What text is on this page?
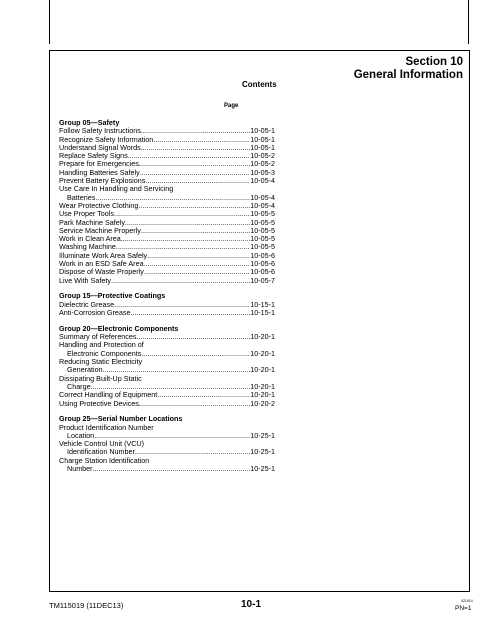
Section 10
General Information
Contents
Page
Group 05—Safety
Follow Safety Instructions .....	10-05-1
Recognize Safety Information .....	10-05-1
Understand Signal Words .....	10-05-1
Replace Safety Signs .....	10-05-2
Prepare for Emergencies .....	10-05-2
Handling Batteries Safely .....	10-05-3
Prevent Battery Explosions .....	10-05-4
Use Care In Handling and Servicing
Batteries .....	10-05-4
Wear Protective Clothing .....	10-05-4
Use Proper Tools .....	10-05-5
Park Machine Safely .....	10-05-5
Service Machine Properly .....	10-05-5
Work in Clean Area .....	10-05-5
Washing Machine .....	10-05-5
Illuminate Work Area Safely .....	10-05-6
Work in an ESD Safe Area .....	10-05-6
Dispose of Waste Properly .....	10-05-6
Live With Safety .....	10-05-7
Group 15—Protective Coatings
Dielectric Grease .....	10-15-1
Anti-Corrosion Grease .....	10-15-1
Group 20—Electronic Components
Summary of References .....	10-20-1
Handling and Protection of
Electronic Components .....	10-20-1
Reducing Static Electricity
Generation .....	10-20-1
Dissipating Built-Up Static
Charge .....	10-20-1
Correct Handling of Equipment .....	10-20-1
Using Protective Devices .....	10-20-2
Group 25—Serial Number Locations
Product Identification Number
Location .....	10-25-1
Vehicle Control Unit (VCU)
Identification Number .....	10-25-1
Charge Station Identification
Number .....	10-25-1
TM115019 (11DEC13)	10-1	021914
PN=1
